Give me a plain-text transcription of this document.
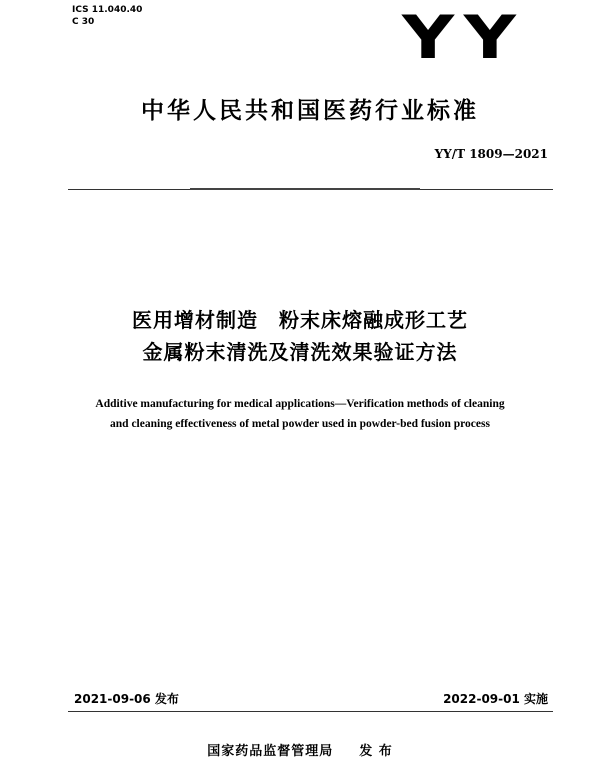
ICS 11.040.40
C 30	YY
中华人民共和国医药行业标准
YY/T 1809—2021
医用增材制造　粉末床熔融成形工艺
金属粉末清洗及清洗效果验证方法
Additive manufacturing for medical applications—Verification methods of cleaning
and cleaning effectiveness of metal powder used in powder-bed fusion process
2021-09-06 发布	2022-09-01 实施
国家药品监督管理局 发 布
